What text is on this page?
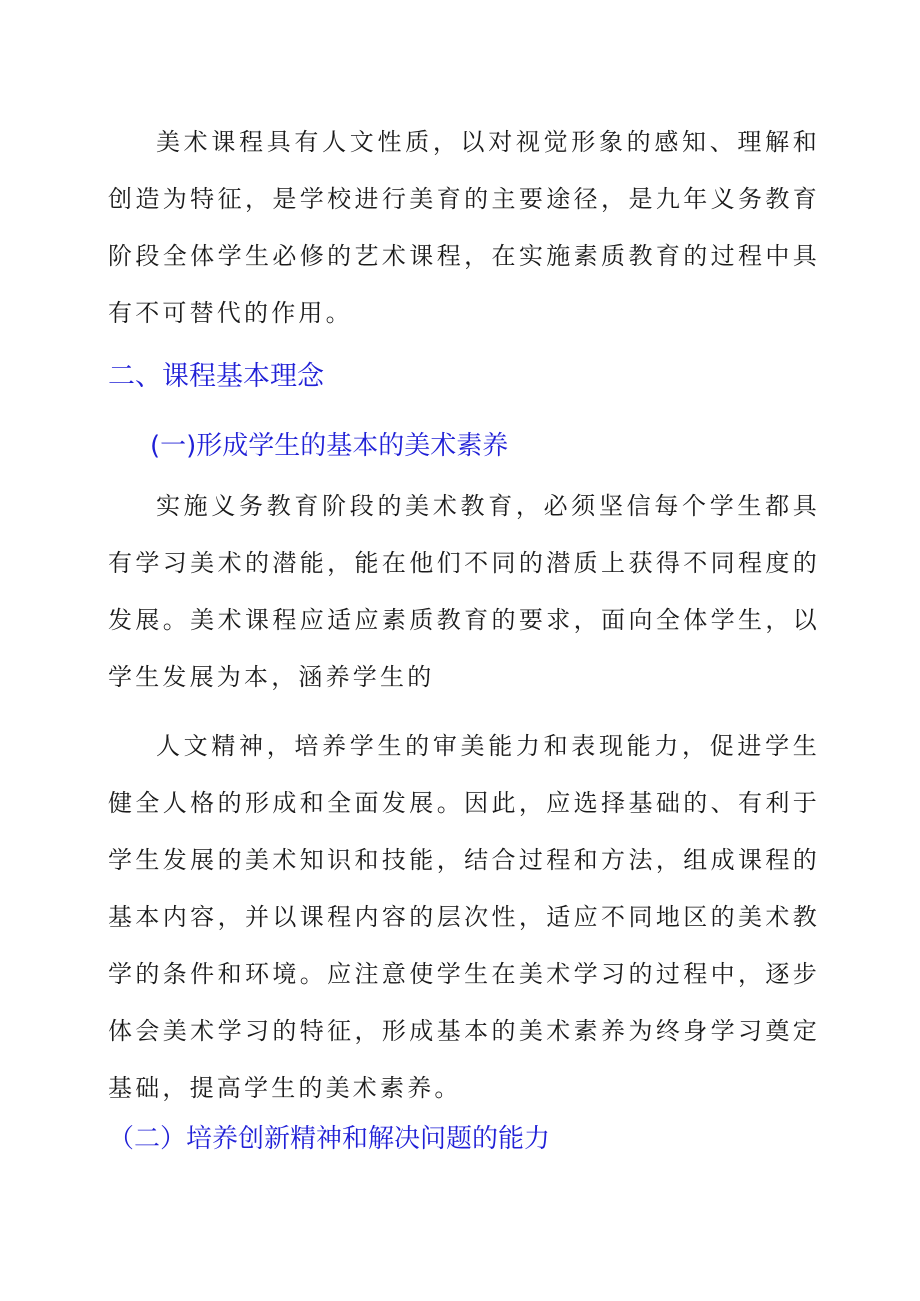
美术课程具有人文性质，以对视觉形象的感知、理解和创造为特征，是学校进行美育的主要途径，是九年义务教育阶段全体学生必修的艺术课程，在实施素质教育的过程中具有不可替代的作用。

二、课程基本理念
(一)形成学生的基本的美术素养

实施义务教育阶段的美术教育，必须坚信每个学生都具有学习美术的潜能，能在他们不同的潜质上获得不同程度的发展。美术课程应适应素质教育的要求，面向全体学生，以学生发展为本，涵养学生的

人文精神，培养学生的审美能力和表现能力，促进学生健全人格的形成和全面发展。因此，应选择基础的、有利于学生发展的美术知识和技能，结合过程和方法，组成课程的基本内容，并以课程内容的层次性，适应不同地区的美术教学的条件和环境。应注意使学生在美术学习的过程中，逐步体会美术学习的特征，形成基本的美术素养为终身学习奠定基础，提高学生的美术素养。

（二）培养创新精神和解决问题的能力
